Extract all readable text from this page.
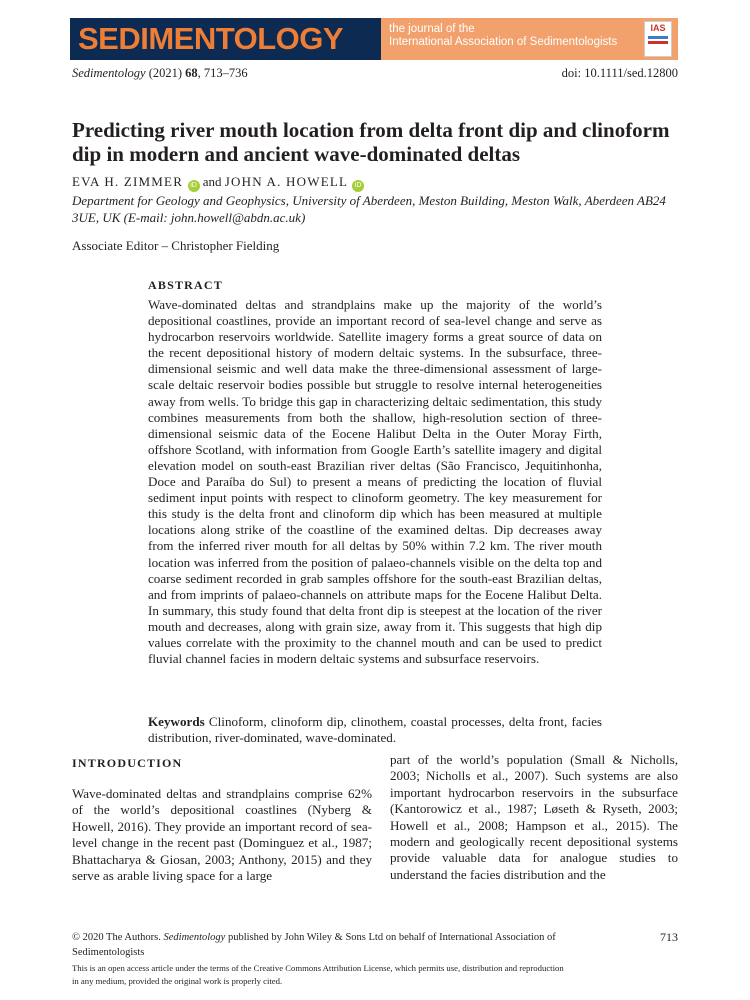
SEDIMENTOLOGY	the journal of the
International Association of Sedimentologists
IAS
Sedimentology (2021) 68, 713–736	doi: 10.1111/sed.12800
Predicting river mouth location from delta front dip and clinoform dip in modern and ancient wave-dominated deltas
EVA H. ZIMMER iD and JOHN A. HOWELL iD
Department for Geology and Geophysics, University of Aberdeen, Meston Building, Meston Walk, Aberdeen AB24 3UE, UK (E-mail: john.howell@abdn.ac.uk)
Associate Editor – Christopher Fielding
ABSTRACT
Wave-dominated deltas and strandplains make up the majority of the world’s depositional coastlines, provide an important record of sea-level change and serve as hydrocarbon reservoirs worldwide. Satellite imagery forms a great source of data on the recent depositional history of modern deltaic systems. In the subsurface, three-dimensional seismic and well data make the three-dimensional assessment of large-scale deltaic reservoir bodies possible but struggle to resolve internal heterogeneities away from wells. To bridge this gap in characterizing deltaic sedimentation, this study combines measurements from both the shallow, high-resolution section of three-dimensional seismic data of the Eocene Halibut Delta in the Outer Moray Firth, offshore Scotland, with information from Google Earth’s satellite imagery and digital elevation model on south-east Brazilian river deltas (São Francisco, Jequitinhonha, Doce and Paraíba do Sul) to present a means of predicting the location of fluvial sediment input points with respect to clinoform geometry. The key measurement for this study is the delta front and clinoform dip which has been measured at multiple locations along strike of the coastline of the examined deltas. Dip decreases away from the inferred river mouth for all deltas by 50% within 7.2 km. The river mouth location was inferred from the position of palaeo-channels visible on the delta top and coarse sediment recorded in grab samples offshore for the south-east Brazilian deltas, and from imprints of palaeo-channels on attribute maps for the Eocene Halibut Delta. In summary, this study found that delta front dip is steepest at the location of the river mouth and decreases, along with grain size, away from it. This suggests that high dip values correlate with the proximity to the channel mouth and can be used to predict fluvial channel facies in modern deltaic systems and subsurface reservoirs.
Keywords Clinoform, clinoform dip, clinothem, coastal processes, delta front, facies distribution, river-dominated, wave-dominated.
INTRODUCTION
Wave-dominated deltas and strandplains comprise 62% of the world’s depositional coastlines (Nyberg & Howell, 2016). They provide an important record of sea-level change in the recent past (Dominguez et al., 1987; Bhattacharya & Giosan, 2003; Anthony, 2015) and they serve as arable living space for a large
part of the world’s population (Small & Nicholls, 2003; Nicholls et al., 2007). Such systems are also important hydrocarbon reservoirs in the subsurface (Kantorowicz et al., 1987; Løseth & Ryseth, 2003; Howell et al., 2008; Hampson et al., 2015). The modern and geologically recent depositional systems provide valuable data for analogue studies to understand the facies distribution and the
© 2020 The Authors. Sedimentology published by John Wiley & Sons Ltd on behalf of International Association of Sedimentologists
This is an open access article under the terms of the Creative Commons Attribution License, which permits use, distribution and reproduction in any medium, provided the original work is properly cited.
713
